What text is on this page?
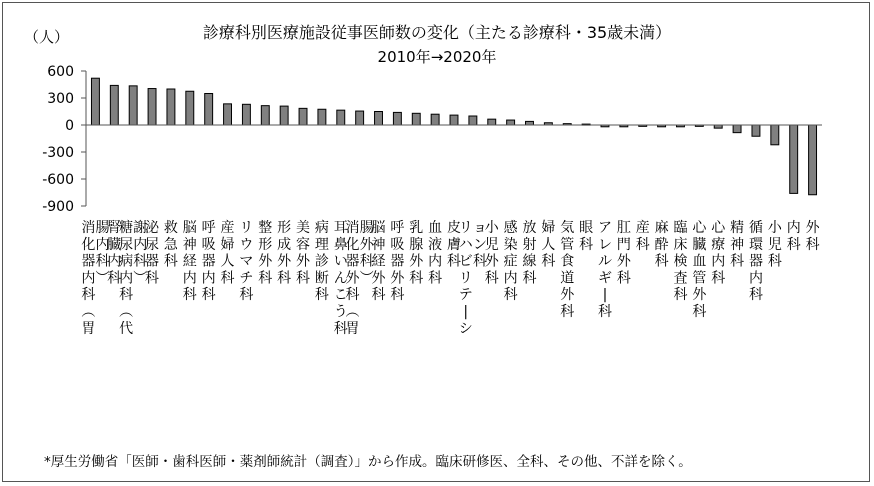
診療科別医療施設従事医師数の変化（主たる診療科・35歳未満）
2010年→2020年
（人）
600
300
0
-300
-600
-900
消化器内科︵胃腸内科︶
腎臓内科
糖尿病内科︵代謝内科︶
泌尿器科
救急科
脳神経内科
呼吸器内科
産婦人科
リウマチ科
整形外科
形成外科
美容外科
病理診断科
耳鼻いんこう科
消化器外科︵胃腸外科︶
脳神経外科
呼吸器外科
乳腺外科
血液内科
皮膚科
リハビリテ|ション科
小児外科
感染症内科
放射線科
婦人科
気管食道外科
眼科
アレルギ|科
肛門外科
産科
麻酔科
臨床検査科
心臓血管外科
心療内科
精神科
循環器内科
小児科
内科
外科
*厚生労働省「医師・歯科医師・薬剤師統計（調査）」から作成。臨床研修医、全科、その他、不詳を除く。
